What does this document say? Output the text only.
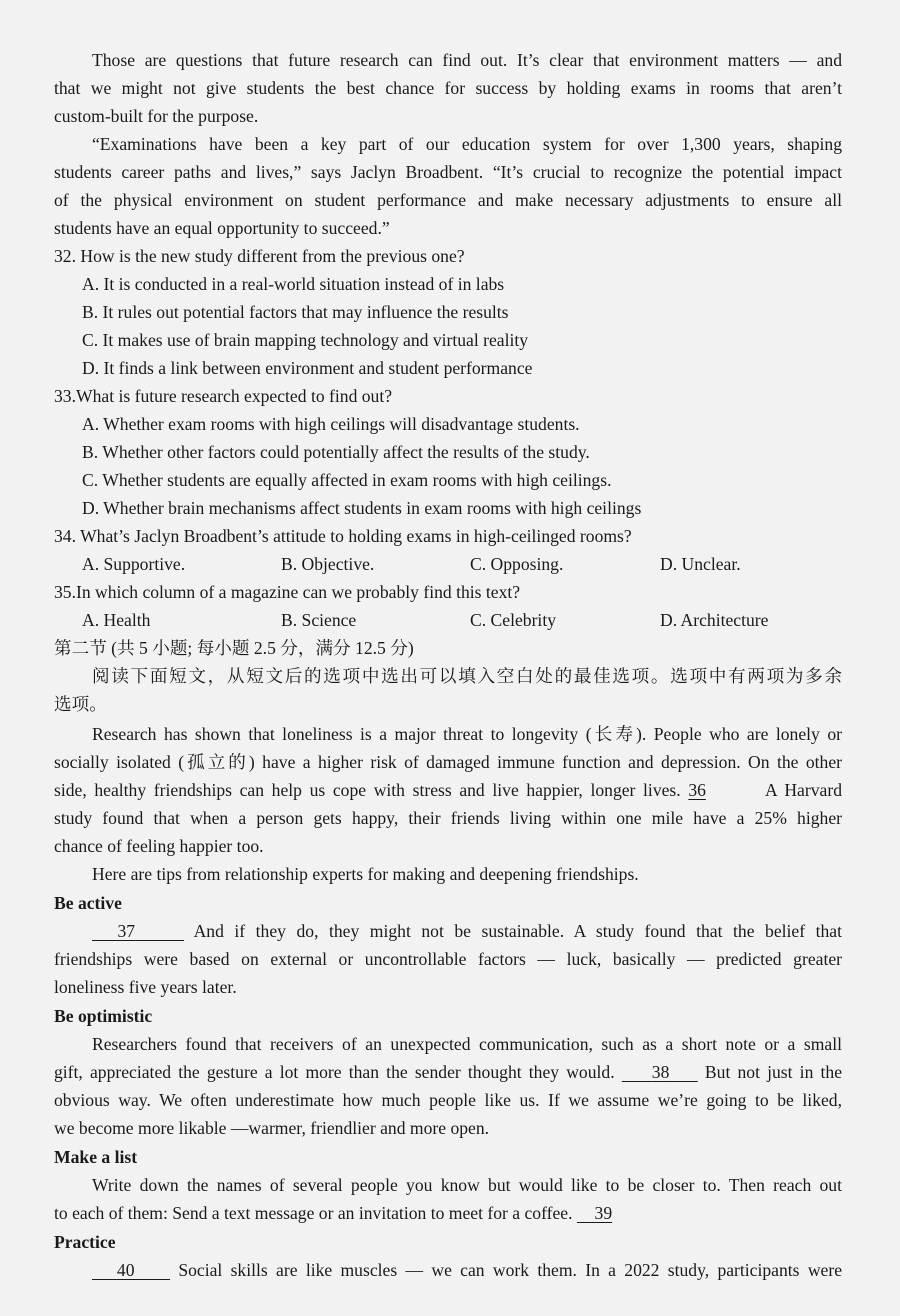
Those are questions that future research can find out. It’s clear that environment matters — and
that we might not give students the best chance for success by holding exams in rooms that aren’t
custom-built for the purpose.
“Examinations have been a key part of our education system for over 1,300 years, shaping
students career paths and lives,” says Jaclyn Broadbent. “It’s crucial to recognize the potential impact
of the physical environment on student performance and make necessary adjustments to ensure all
students have an equal opportunity to succeed.”
32. How is the new study different from the previous one?
A. It is conducted in a real-world situation instead of in labs
B. It rules out potential factors that may influence the results
C. It makes use of brain mapping technology and virtual reality
D. It finds a link between environment and student performance
33.What is future research expected to find out?
A. Whether exam rooms with high ceilings will disadvantage students.
B. Whether other factors could potentially affect the results of the study.
C. Whether students are equally affected in exam rooms with high ceilings.
D. Whether brain mechanisms affect students in exam rooms with high ceilings
34. What’s Jaclyn Broadbent’s attitude to holding exams in high-ceilinged rooms?
A. Supportive.	B. Objective.	C. Opposing.	D. Unclear.
35.In which column of a magazine can we probably find this text?
A. Health	B. Science	C. Celebrity	D. Architecture
第二节 (共 5 小题; 每小题 2.5 分，满分 12.5 分)
阅读下面短文，从短文后的选项中选出可以填入空白处的最佳选项。选项中有两项为多余
选项。
Research has shown that loneliness is a major threat to longevity (长寿). People who are lonely or
socially isolated (孤立的) have a higher risk of damaged immune function and depression. On the other
side, healthy friendships can help us cope with stress and live happier, longer lives. 36	A Harvard
study found that when a person gets happy, their friends living within one mile have a 25% higher
chance of feeling happier too.
Here are tips from relationship experts for making and deepening friendships.
Be active
37	And if they do, they might not be sustainable. A study found that the belief that
friendships were based on external or uncontrollable factors — luck, basically — predicted greater
loneliness five years later.
Be optimistic
Researchers found that receivers of an unexpected communication, such as a short note or a small
gift, appreciated the gesture a lot more than the sender thought they would. 38 But not just in the
obvious way. We often underestimate how much people like us. If we assume we’re going to be liked,
we become more likable —warmer, friendlier and more open.
Make a list
Write down the names of several people you know but would like to be closer to. Then reach out
to each of them: Send a text message or an invitation to meet for a coffee. 39
Practice
40 Social skills are like muscles — we can work them. In a 2022 study, participants were
